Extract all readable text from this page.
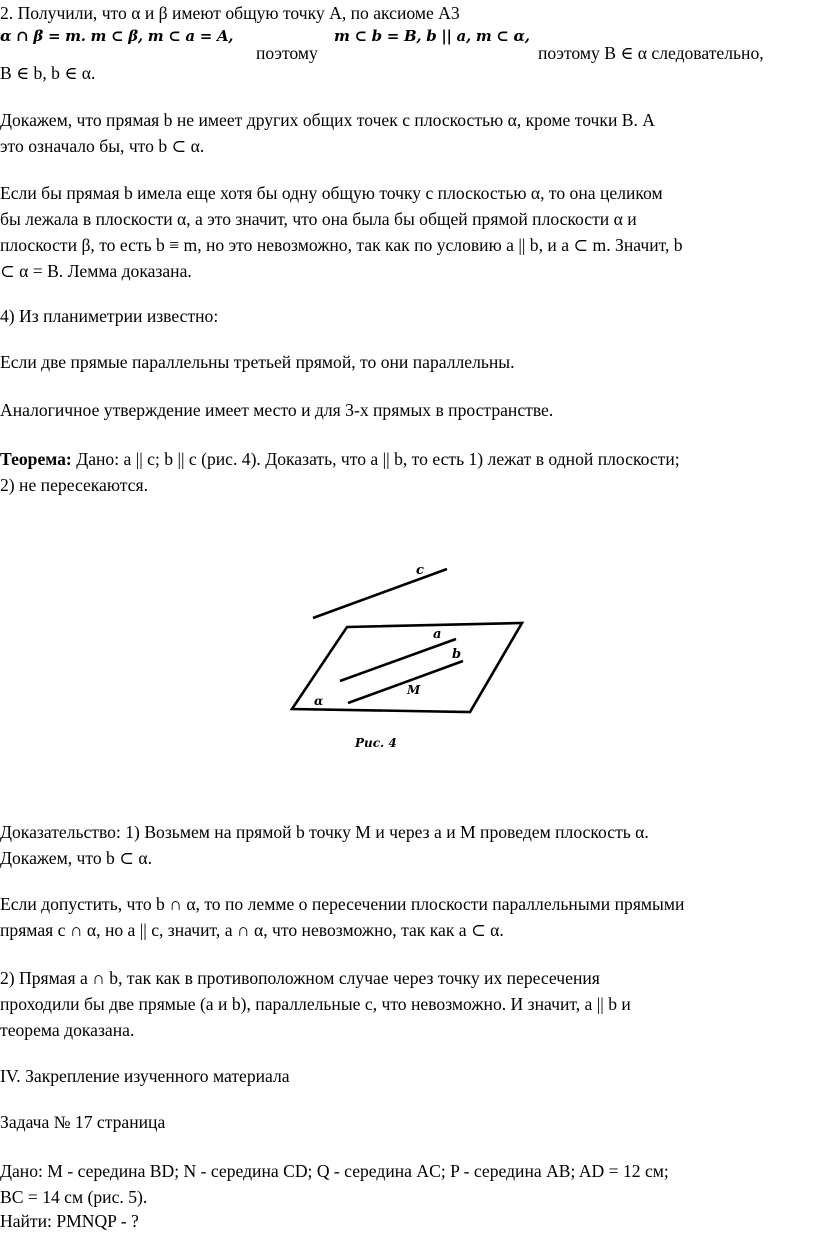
2. Получили, что α и β имеют общую точку A, по аксиоме A3
α ∩ β = m. m ⊂ β, m ⊂ a = A,
поэтому
m ⊂ b = B, b || a, m ⊂ α,
поэтому B ∈ α следовательно,
B ∈ b, b ∈ α.
Докажем, что прямая b не имеет других общих точек с плоскостью α, кроме точки B. А
это означало бы, что b ⊂ α.
Если бы прямая b имела еще хотя бы одну общую точку с плоскостью α, то она целиком
бы лежала в плоскости α, а это значит, что она была бы общей прямой плоскости α и
плоскости β, то есть b ≡ m, но это невозможно, так как по условию a || b, и a ⊂ m. Значит, b
⊂ α = B. Лемма доказана.
4) Из планиметрии известно:
Если две прямые параллельны третьей прямой, то они параллельны.
Аналогичное утверждение имеет место и для 3-х прямых в пространстве.
Теорема: Дано: a || c; b || c (рис. 4). Доказать, что a || b, то есть 1) лежат в одной плоскости;
2) не пересекаются.
c
a
b
M
α
Рис. 4
Доказательство: 1) Возьмем на прямой b точку M и через a и M проведем плоскость α.
Докажем, что b ⊂ α.
Если допустить, что b ∩ α, то по лемме о пересечении плоскости параллельными прямыми
прямая c ∩ α, но a || c, значит, a ∩ α, что невозможно, так как a ⊂ α.
2) Прямая a ∩ b, так как в противоположном случае через точку их пересечения
проходили бы две прямые (a и b), параллельные c, что невозможно. И значит, a || b и
теорема доказана.
IV. Закрепление изученного материала
Задача № 17 страница
Дано: M - середина BD; N - середина CD; Q - середина AC; P - середина AB; AD = 12 см;
BC = 14 см (рис. 5).
Найти: PMNQP - ?
